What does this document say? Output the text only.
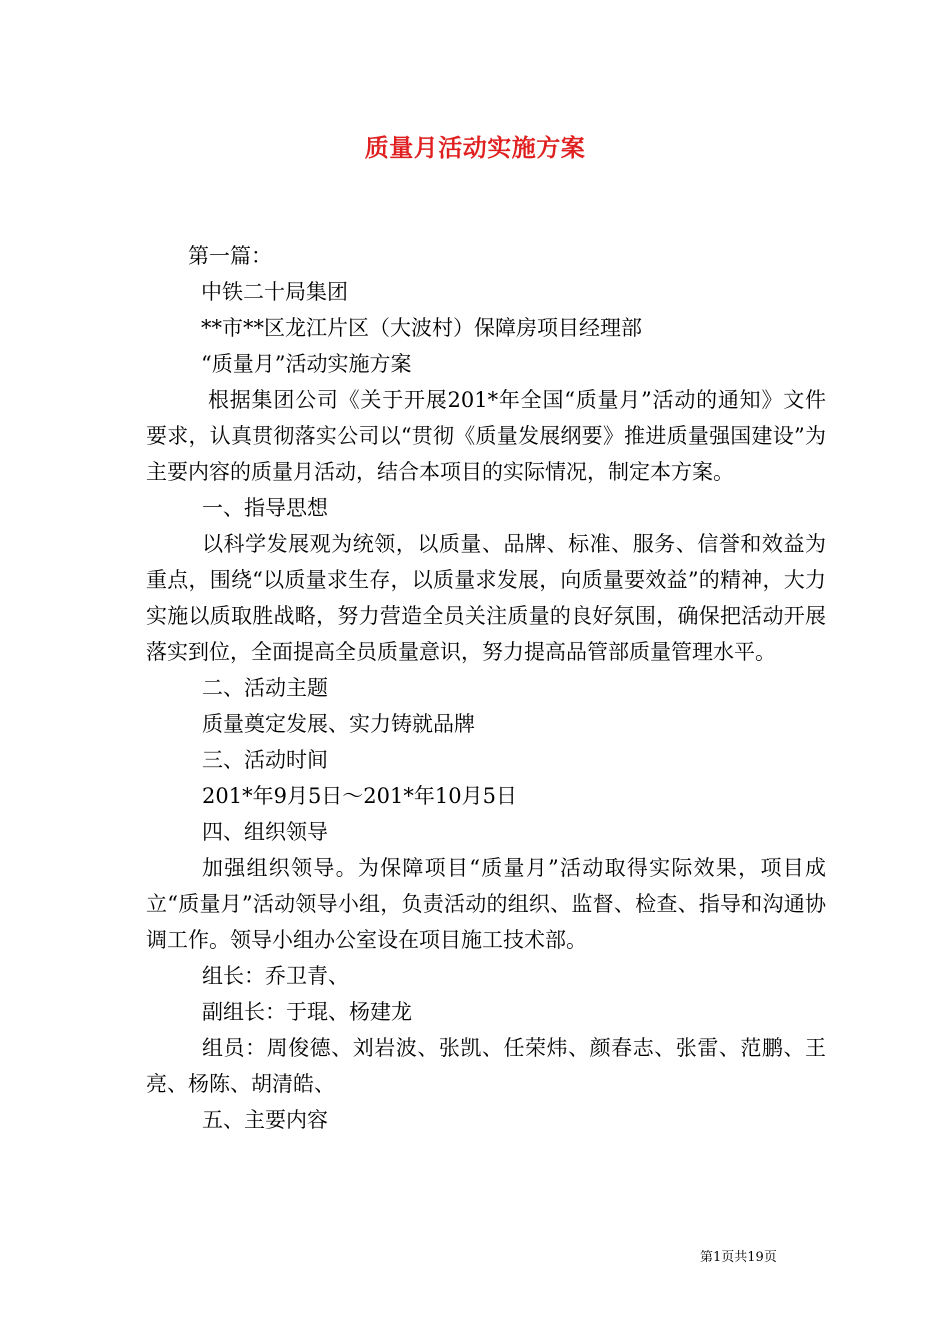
质量月活动实施方案

第一篇：

中铁二十局集团

**市**区龙江片区（大波村）保障房项目经理部

“质量月”活动实施方案

根据集团公司《关于开展201*年全国“质量月”活动的通知》文件要求，认真贯彻落实公司以“贯彻《质量发展纲要》推进质量强国建设”为主要内容的质量月活动，结合本项目的实际情况，制定本方案。

一、指导思想

以科学发展观为统领，以质量、品牌、标准、服务、信誉和效益为重点，围绕“以质量求生存，以质量求发展，向质量要效益”的精神，大力实施以质取胜战略，努力营造全员关注质量的良好氛围，确保把活动开展落实到位，全面提高全员质量意识，努力提高品管部质量管理水平。

二、活动主题

质量奠定发展、实力铸就品牌

三、活动时间

201*年9月5日～201*年10月5日

四、组织领导

加强组织领导。为保障项目“质量月”活动取得实际效果，项目成立“质量月”活动领导小组，负责活动的组织、监督、检查、指导和沟通协调工作。领导小组办公室设在项目施工技术部。

组长：乔卫青、

副组长：于琨、杨建龙

组员：周俊德、刘岩波、张凯、任荣炜、颜春志、张雷、范鹏、王亮、杨陈、胡清皓、

五、主要内容

第1页共19页
